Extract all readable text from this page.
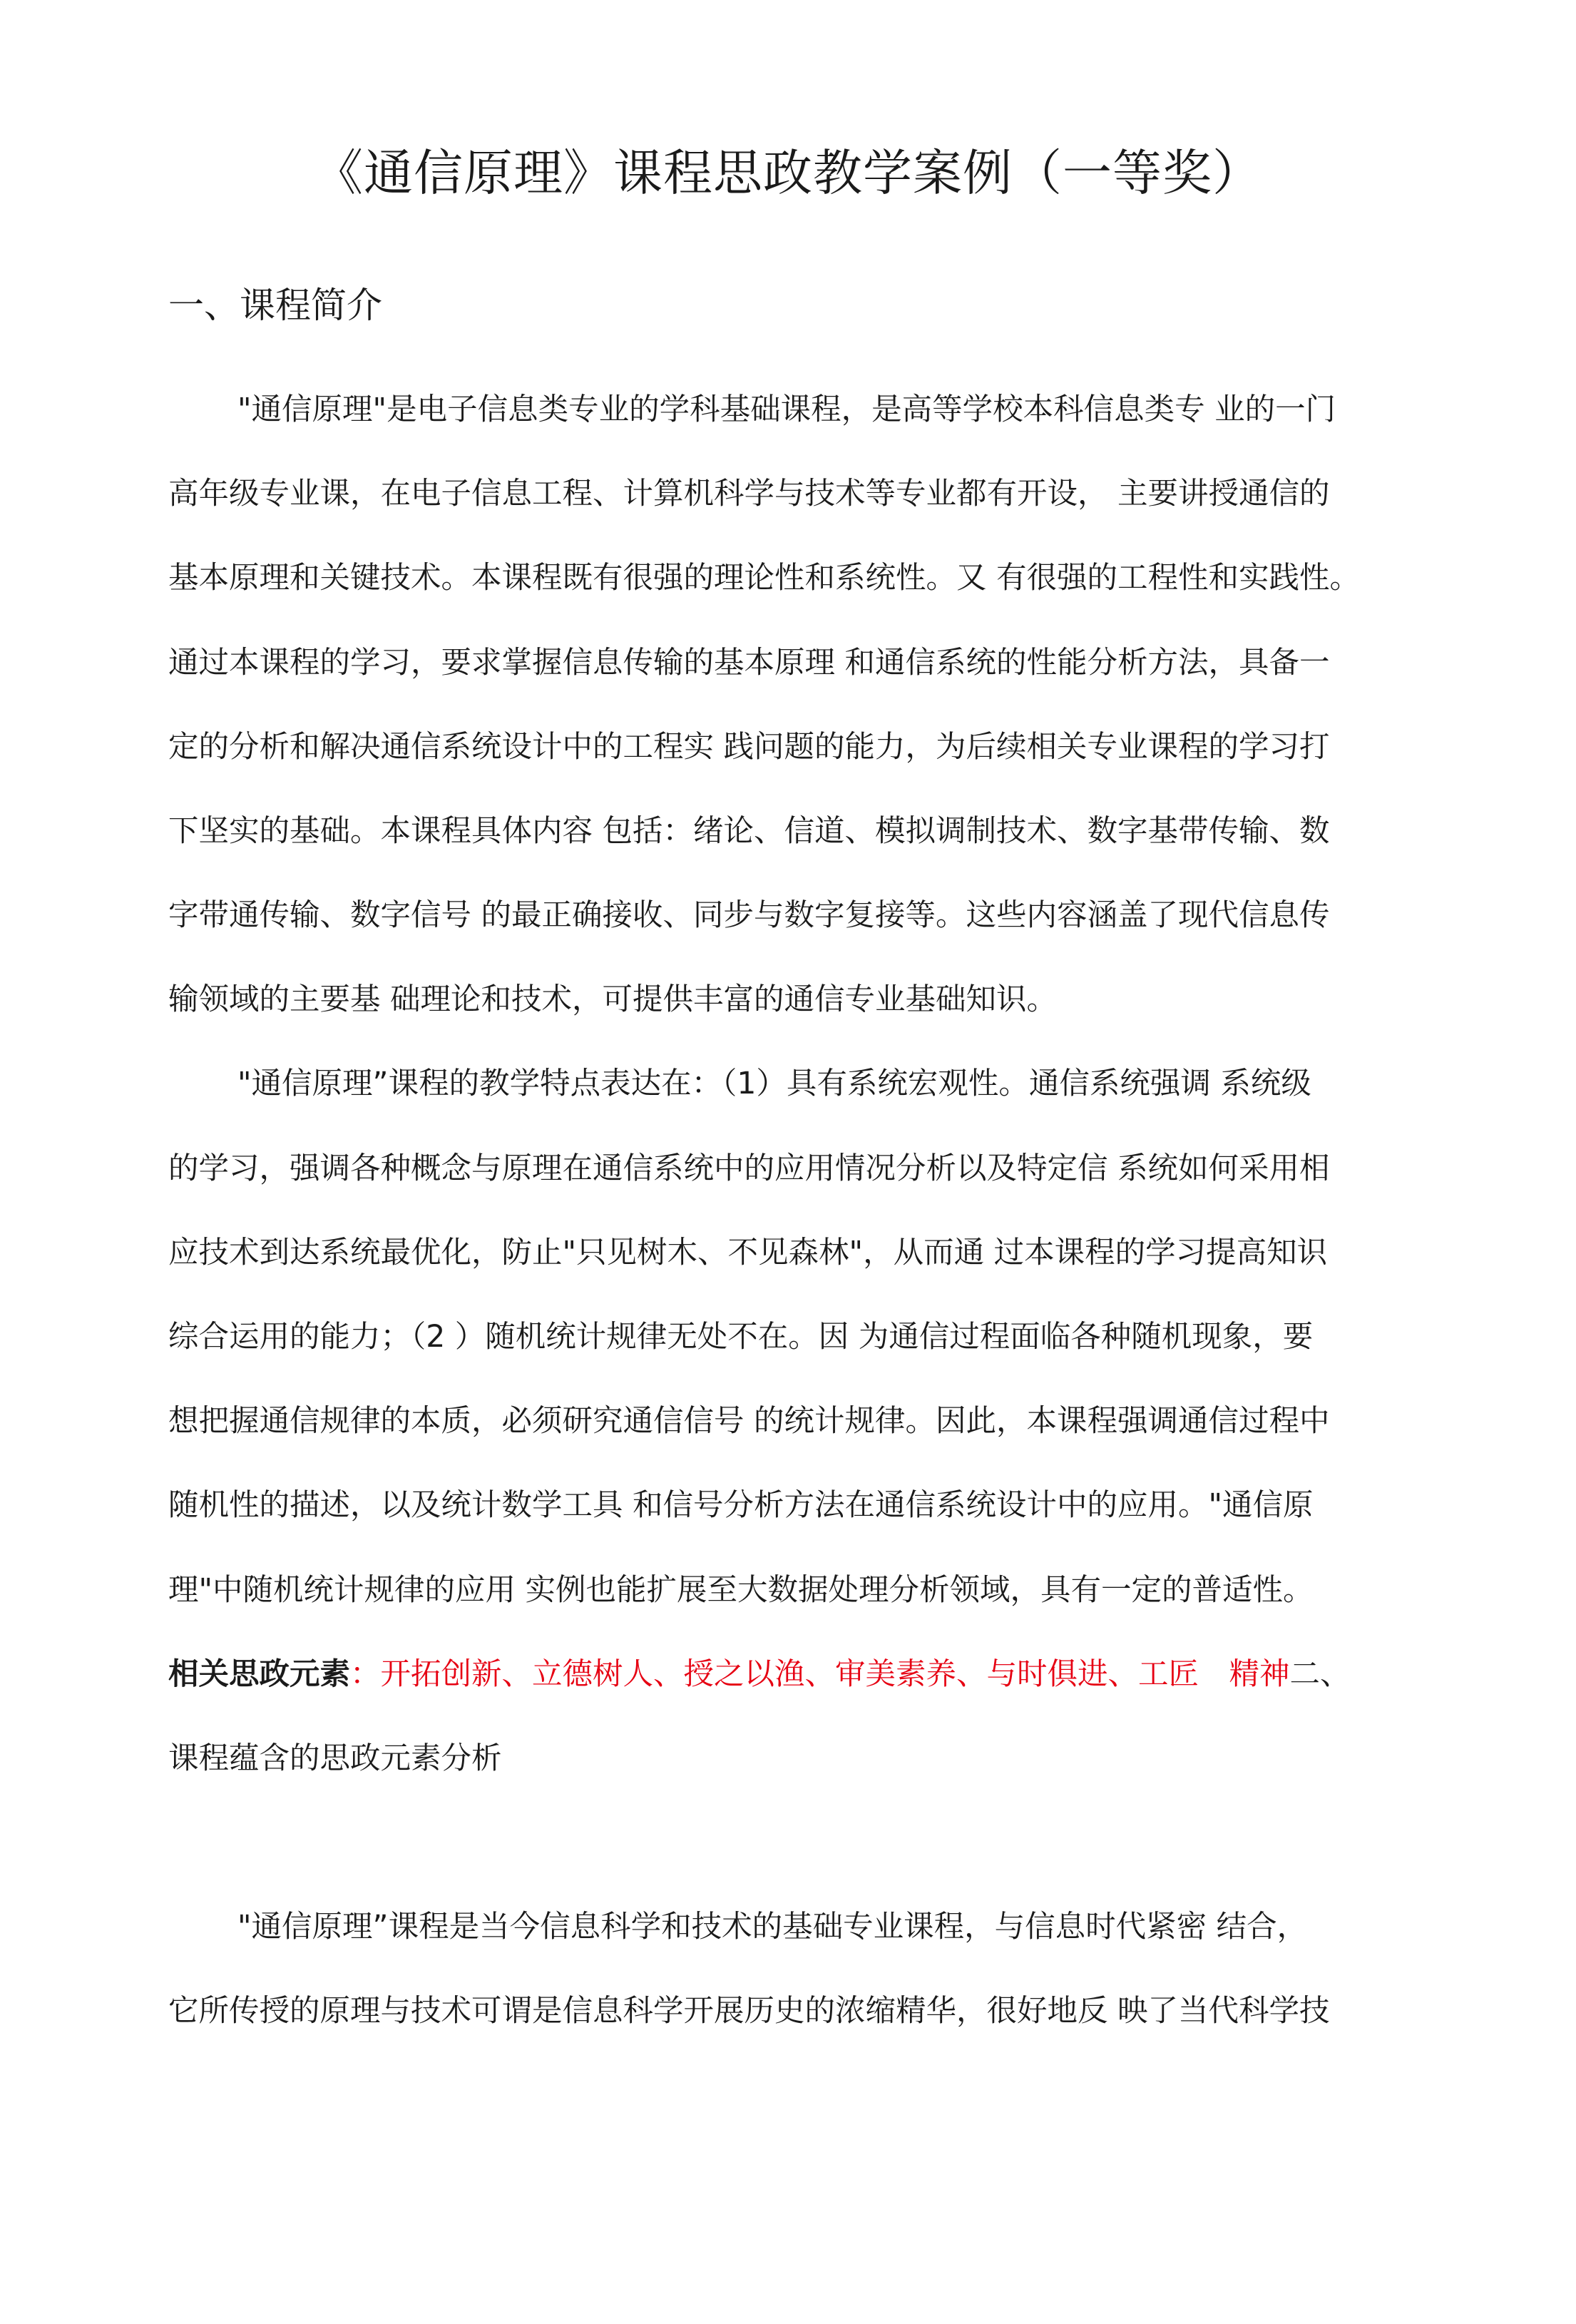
《通信原理》课程思政教学案例（一等奖）
一、课程简介
"通信原理"是电子信息类专业的学科基础课程，是高等学校本科信息类专 业的一门
高年级专业课，在电子信息工程、计算机科学与技术等专业都有开设， 主要讲授通信的
基本原理和关键技术。本课程既有很强的理论性和系统性。又 有很强的工程性和实践性。
通过本课程的学习，要求掌握信息传输的基本原理 和通信系统的性能分析方法，具备一
定的分析和解决通信系统设计中的工程实 践问题的能力，为后续相关专业课程的学习打
下坚实的基础。本课程具体内容 包括：绪论、信道、模拟调制技术、数字基带传输、数
字带通传输、数字信号 的最正确接收、同步与数字复接等。这些内容涵盖了现代信息传
输领域的主要基 础理论和技术，可提供丰富的通信专业基础知识。
"通信原理”课程的教学特点表达在：（1）具有系统宏观性。通信系统强调 系统级
的学习，强调各种概念与原理在通信系统中的应用情况分析以及特定信 系统如何采用相
应技术到达系统最优化，防止"只见树木、不见森林"，从而通 过本课程的学习提高知识
综合运用的能力；（2 ）随机统计规律无处不在。因 为通信过程面临各种随机现象，要
想把握通信规律的本质，必须研究通信信号 的统计规律。因此，本课程强调通信过程中
随机性的描述，以及统计数学工具 和信号分析方法在通信系统设计中的应用。"通信原
理"中随机统计规律的应用 实例也能扩展至大数据处理分析领域，具有一定的普适性。
相关思政元素：开拓创新、立德树人、授之以渔、审美素养、与时俱进、工匠　精神二、
课程蕴含的思政元素分析
"通信原理”课程是当今信息科学和技术的基础专业课程，与信息时代紧密 结合，
它所传授的原理与技术可谓是信息科学开展历史的浓缩精华，很好地反 映了当代科学技
